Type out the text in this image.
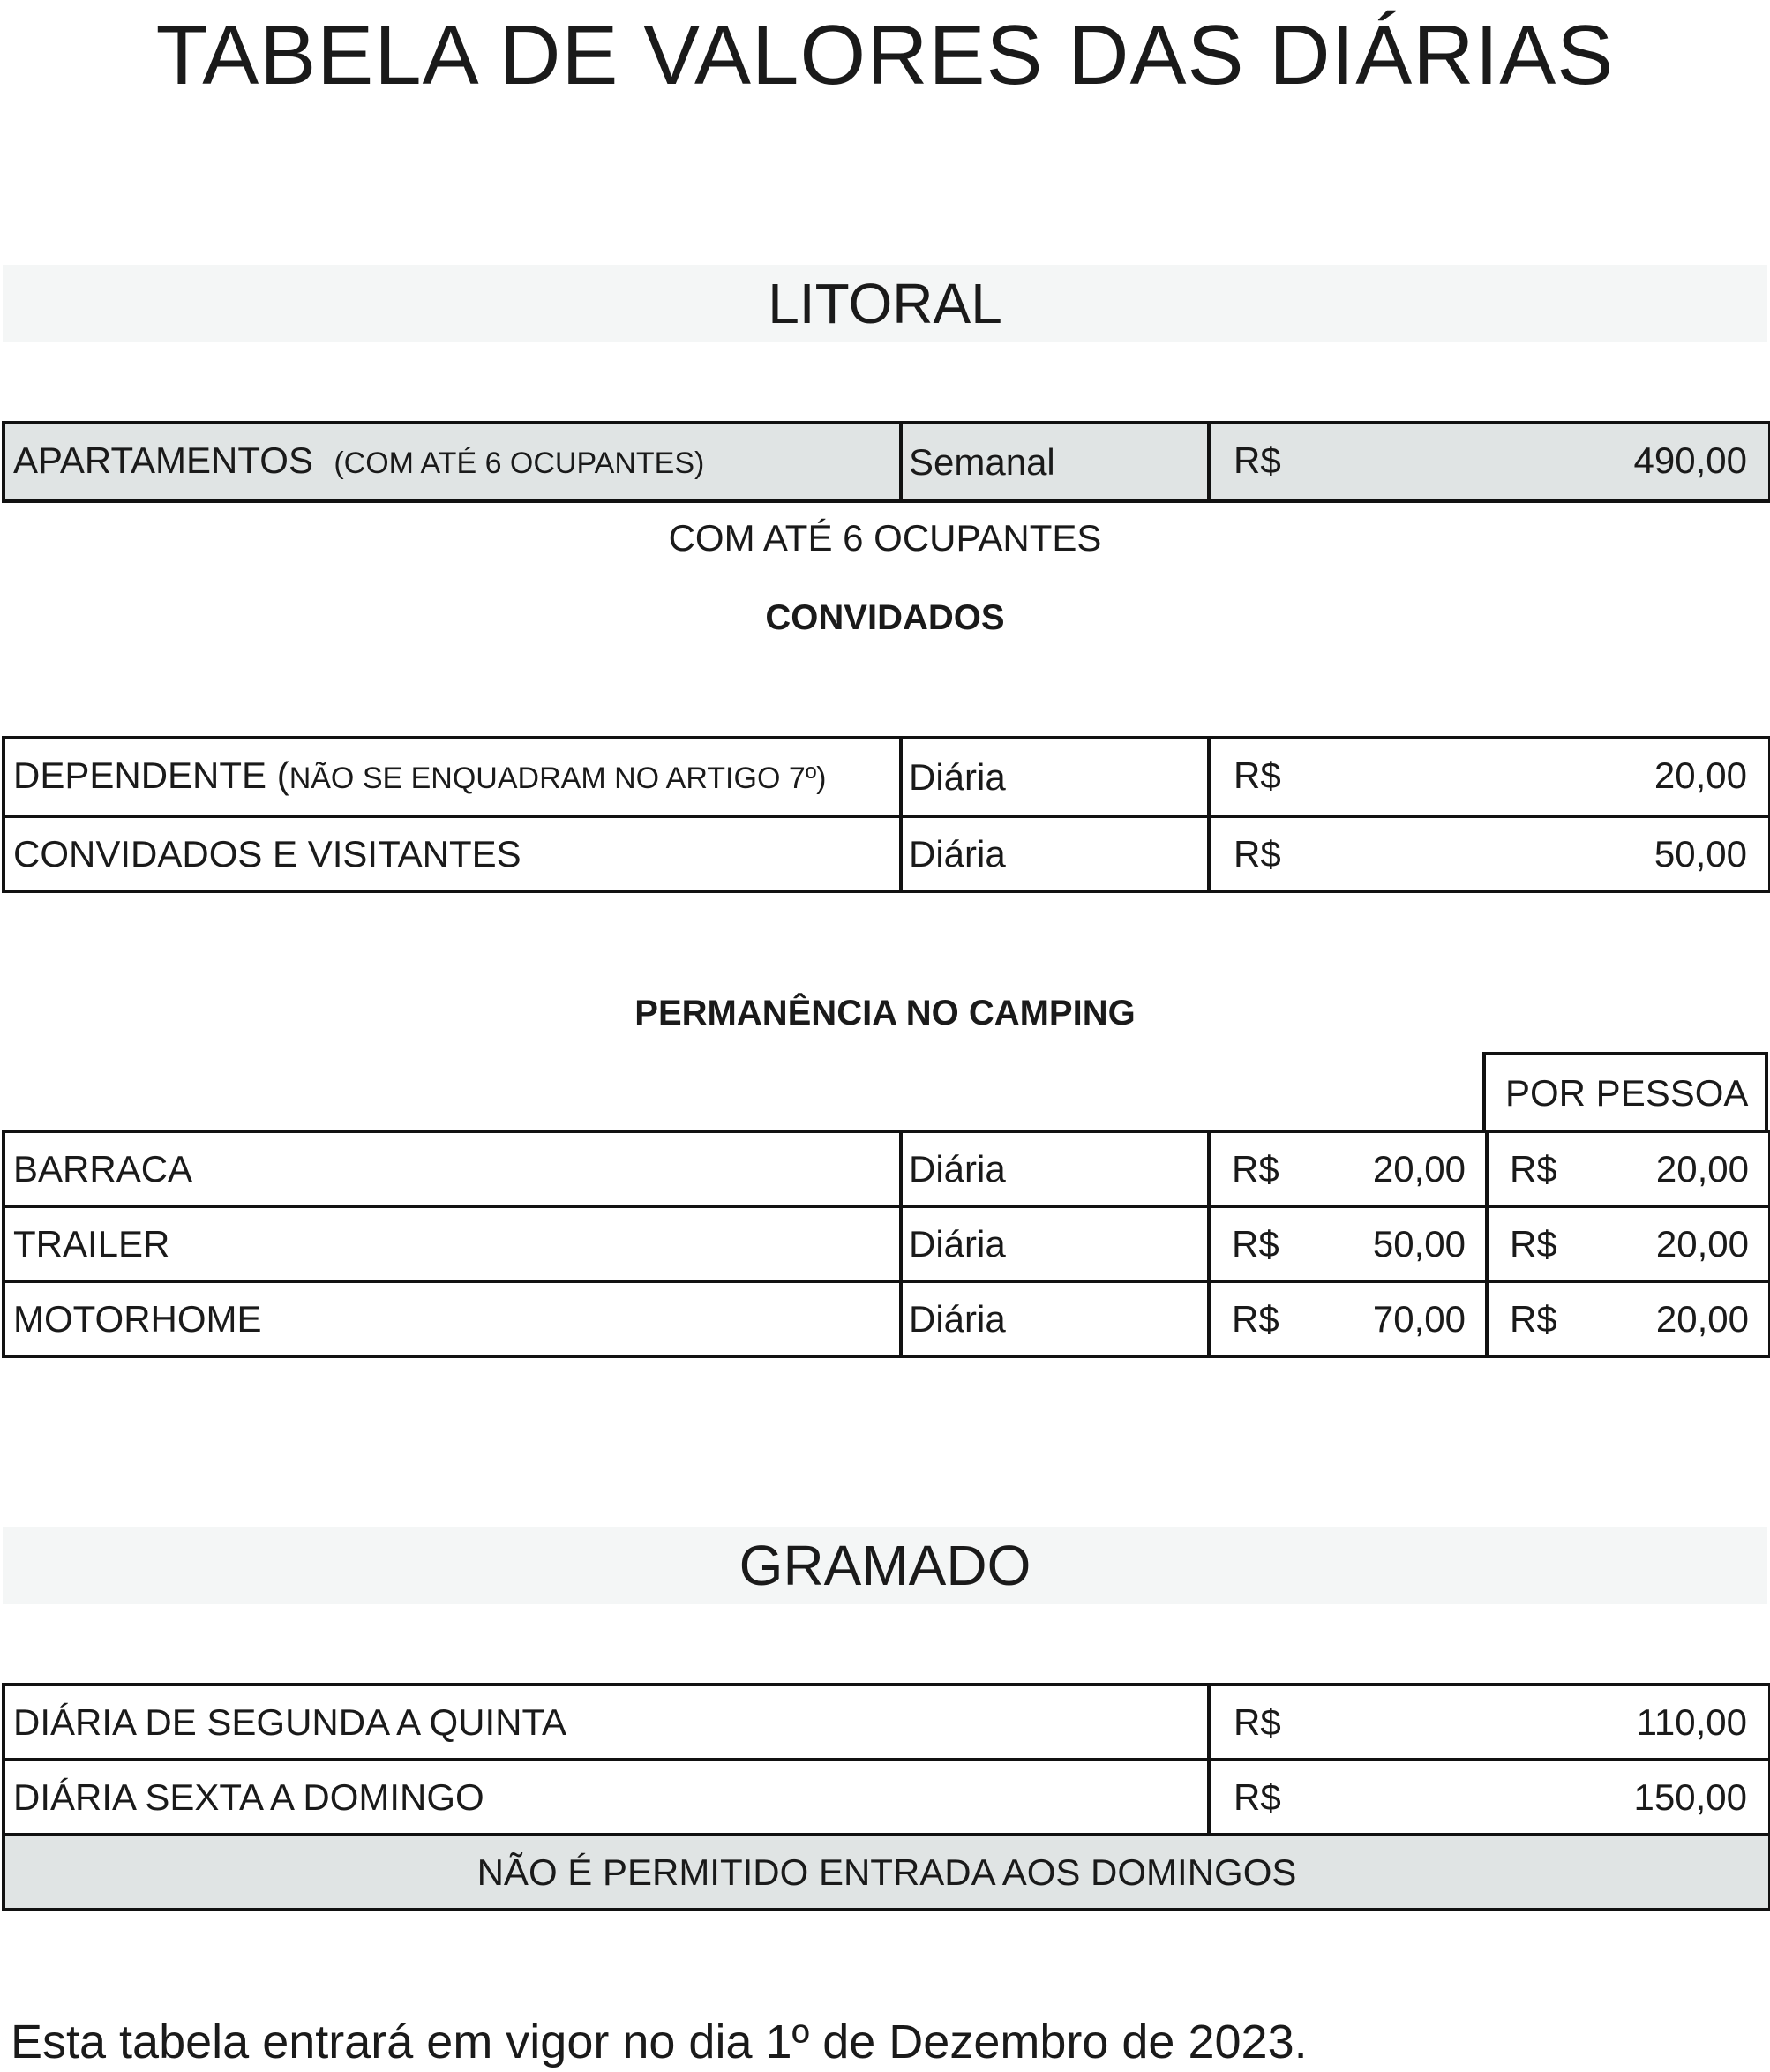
TABELA DE VALORES DAS DIÁRIAS
LITORAL
APARTAMENTOS (COM ATÉ 6 OCUPANTES)	Semanal	R$	490,00
COM ATÉ 6 OCUPANTES
CONVIDADOS
DEPENDENTE (NÃO SE ENQUADRAM NO ARTIGO 7º)	Diária	R$ 20,00

CONVIDADOS E VISITANTES	Diária	R$ 50,00
PERMANÊNCIA NO CAMPING
POR PESSOA
BARRACA	Diária	R$ 20,00	R$ 20,00

TRAILER	Diária	R$ 50,00	R$ 20,00

MOTORHOME	Diária	R$ 70,00	R$ 20,00
GRAMADO
DIÁRIA DE SEGUNDA A QUINTA	R$ 110,00

DIÁRIA SEXTA A DOMINGO	R$ 150,00

NÃO É PERMITIDO ENTRADA AOS DOMINGOS	
Esta tabela entrará em vigor no dia 1º de Dezembro de 2023.
